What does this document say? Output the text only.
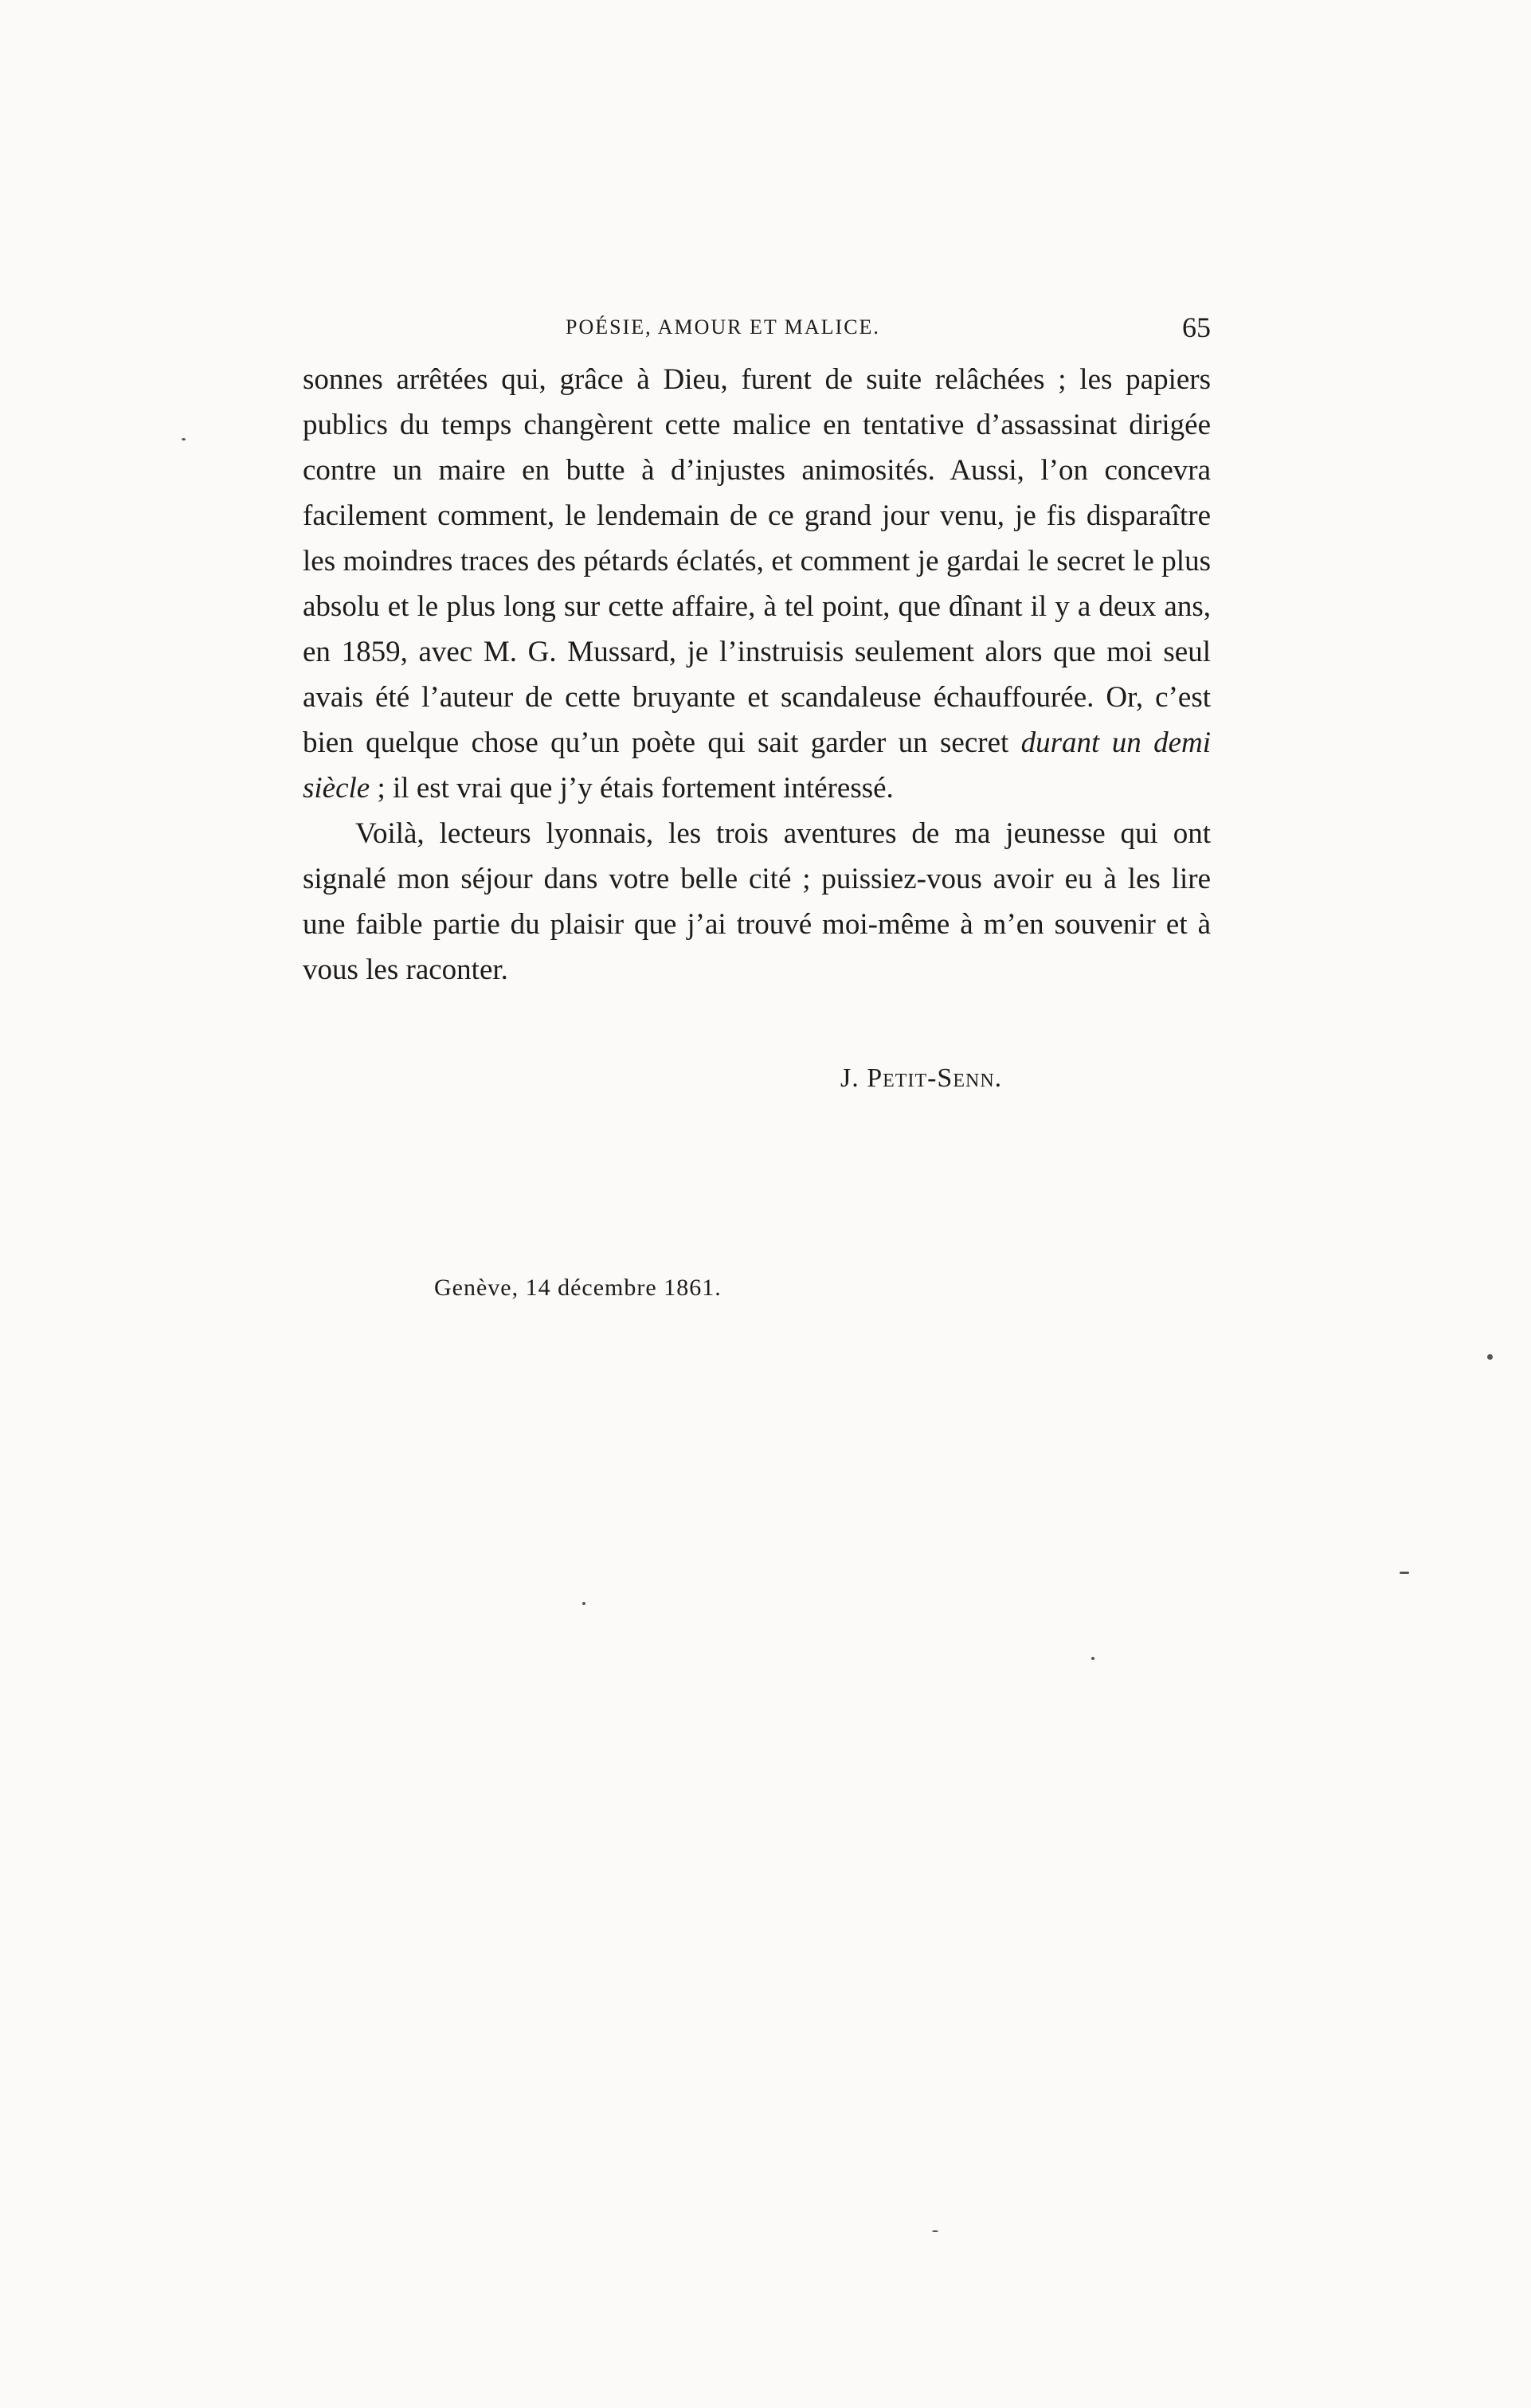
POÉSIE, AMOUR ET MALICE.	65

sonnes arrêtées qui, grâce à Dieu, furent de suite relâchées ; les papiers publics du temps changèrent cette malice en tentative d’assassinat dirigée contre un maire en butte à d’injustes animosités. Aussi, l’on concevra facilement comment, le lendemain de ce grand jour venu, je fis disparaître les moindres traces des pétards éclatés, et comment je gardai le secret le plus absolu et le plus long sur cette affaire, à tel point, que dînant il y a deux ans, en 1859, avec M. G. Mussard, je l’instruisis seulement alors que moi seul avais été l’auteur de cette bruyante et scandaleuse échauffourée. Or, c’est bien quelque chose qu’un poète qui sait garder un secret durant un demi siècle ; il est vrai que j’y étais fortement intéressé.

Voilà, lecteurs lyonnais, les trois aventures de ma jeunesse qui ont signalé mon séjour dans votre belle cité ; puissiez-vous avoir eu à les lire une faible partie du plaisir que j’ai trouvé moi-même à m’en souvenir et à vous les raconter.

J. Petit-Senn.
Genève, 14 décembre 1861.
